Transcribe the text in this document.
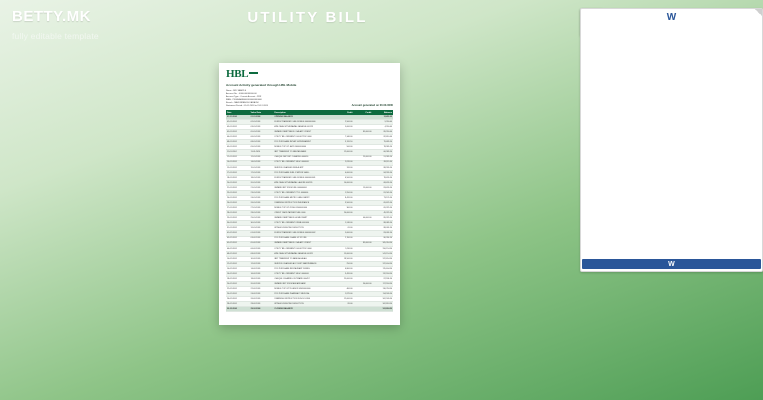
BETTY.MK
fully editable template
UTILITY BILL	W
W
HBL
Account Activity generated through HBL Mobile
Name : MR. SAMPLE
Account No. : 0000-00000000-00
Account Type : Current Account - PKR
IBAN : PK00HABB0000000000000000
Branch : MAIN BRANCH KARACHI
Statement Period : 01-01-2024 to 31-12-2024	Account generated on 00-00-0000
Date	Value Date	Description	Debit	Credit	Balance
01-01-2024	01-01-2024	OPENING BALANCE			12,450.00
02-01-2024	02-01-2024	FUNDS TRANSFER / HBL MOBILE 0000000000	2,500.00		9,950.00
03-01-2024	03-01-2024	ATM CASH WITHDRAWAL KARACHI 000123	5,000.00		4,950.00
05-01-2024	05-01-2024	INWARD REMITTANCE / SALARY CREDIT		85,000.00	89,950.00
06-01-2024	06-01-2024	UTILITY BILL PAYMENT K-ELECTRIC 0000	7,340.00		82,610.00
08-01-2024	08-01-2024	POS PURCHASE IMTIAZ SUPERMARKET	3,120.50		79,489.50
09-01-2024	09-01-2024	MOBILE TOP UP JAZZ 03000000000	500.00		78,989.50
11-01-2024	11-01-2024	IBFT TRANSFER TO MEEZAN BANK	12,000.00		66,989.50
12-01-2024	12-01-2024	CHEQUE DEPOSIT CLEARING 000456		25,000.00	91,989.50
14-01-2024	14-01-2024	UTILITY BILL PAYMENT SSGC 0000000	2,870.00		89,119.50
15-01-2024	15-01-2024	SERVICE CHARGES SMS ALERT	120.00		88,999.50
17-01-2024	17-01-2024	POS PURCHASE FUEL STATION SHELL	4,000.00		84,999.50
18-01-2024	18-01-2024	FUNDS TRANSFER / HBL MOBILE 0000000001	6,500.00		78,499.50
20-01-2024	20-01-2024	ATM CASH WITHDRAWAL LAHORE 000789	10,000.00		68,499.50
21-01-2024	21-01-2024	INWARD IBFT FROM UBL 000000000		15,000.00	83,499.50
23-01-2024	23-01-2024	UTILITY BILL PAYMENT PTCL 0000000	1,950.00		81,549.50
24-01-2024	24-01-2024	POS PURCHASE METRO CASH CARRY	8,420.00		73,129.50
26-01-2024	26-01-2024	STANDING INSTRUCTION INSURANCE	3,500.00		69,629.50
27-01-2024	27-01-2024	MOBILE TOP UP ZONG 03100000000	300.00		69,329.50
28-01-2024	28-01-2024	CREDIT CARD PAYMENT HBL 0000	20,000.00		49,329.50
29-01-2024	29-01-2024	INWARD REMITTANCE HOME REMIT		40,000.00	89,329.50
30-01-2024	30-01-2024	UTILITY BILL PAYMENT KWSB 0000000	1,240.00		88,089.50
31-01-2024	31-01-2024	WITHHOLDING TAX DEDUCTION	65.00		88,024.50
01-02-2024	01-02-2024	FUNDS TRANSFER / HBL MOBILE 0000000002	5,000.00		83,024.50
03-02-2024	03-02-2024	POS PURCHASE CHASE UP STORE	2,760.00		80,264.50
05-02-2024	05-02-2024	INWARD REMITTANCE / SALARY CREDIT		85,000.00	165,264.50
06-02-2024	06-02-2024	UTILITY BILL PAYMENT K-ELECTRIC 0000	9,110.00		156,154.50
08-02-2024	08-02-2024	ATM CASH WITHDRAWAL KARACHI 000321	15,000.00		141,154.50
10-02-2024	10-02-2024	IBFT TRANSFER TO BANK ALFALAH	18,500.00		122,654.50
12-02-2024	12-02-2024	SERVICE CHARGES ACCOUNT MAINTENANCE	250.00		122,404.50
14-02-2024	14-02-2024	POS PURCHASE RESTAURANT DINING	6,800.00		115,604.50
16-02-2024	16-02-2024	UTILITY BILL PAYMENT SSGC 0000000	3,420.00		112,184.50
18-02-2024	18-02-2024	CHEQUE CLEARING OUTWARD 000457	25,000.00		87,184.50
20-02-2024	20-02-2024	INWARD IBFT FROM ASKARI BANK		30,000.00	117,184.50
22-02-2024	22-02-2024	MOBILE TOP UP TELENOR 03450000000	400.00		116,784.50
24-02-2024	24-02-2024	POS PURCHASE PHARMACY MEDICAL	1,875.00		114,909.50
26-02-2024	26-02-2024	STANDING INSTRUCTION SCHOOL FEE	12,000.00		102,909.50
28-02-2024	28-02-2024	WITHHOLDING TAX DEDUCTION	85.00		102,824.50
29-02-2024	29-02-2024	CLOSING BALANCE			102,824.50
